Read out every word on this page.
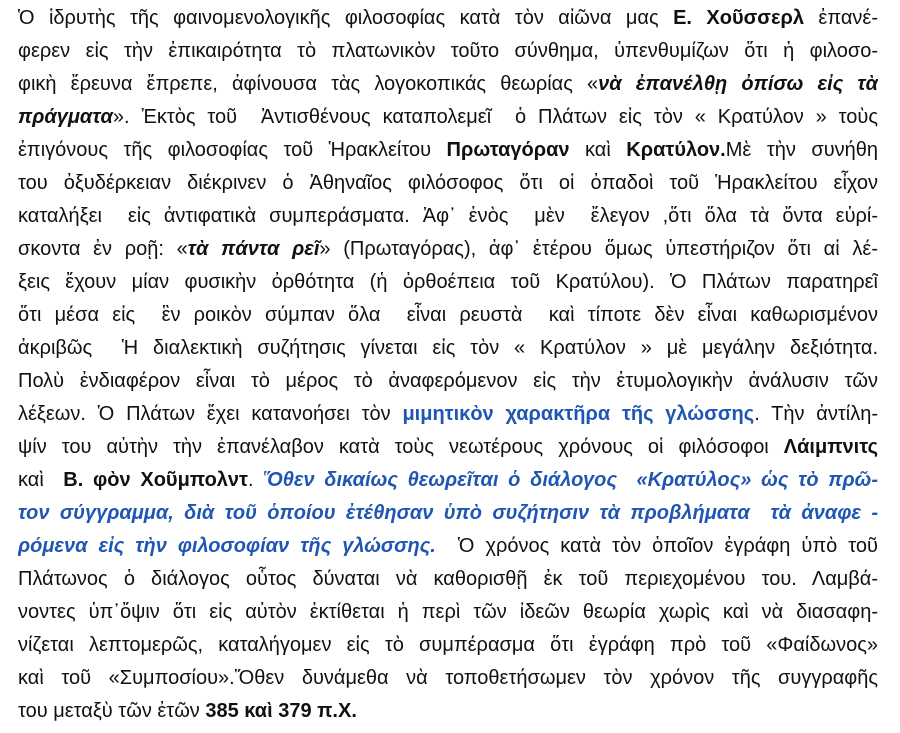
Ὁ ἱδρυτὴς τῆς φαινομενολογικῆς φιλοσοφίας κατὰ τὸν αἰῶνα μας Ε. Χοῦσσερλ ἐπανέ-
φερεν εἰς τὴν ἐπικαιρότητα τὸ πλατωνικὸν τοῦτο σύνθημα, ὑπενθυμίζων ὅτι ἡ φιλοσο-
φικὴ ἔρευνα ἔπρεπε, ἀφίνουσα τὰς λογοκοπικάς θεωρίας «νὰ ἐπανέλθῃ ὀπίσω εἰς τὰ
πράγματα». Ἐκτὸς τοῦ  Ἀντισθένους καταπολεμεῖ  ὁ Πλάτων εἰς τὸν « Κρατύλον » τοὺς
ἐπιγόνους τῆς φιλοσοφίας τοῦ Ἡρακλείτου Πρωταγόραν καὶ Κρατύλον.Μὲ τὴν συνήθη
του ὀξυδέρκειαν διέκρινεν ὁ Ἀθηναῖος φιλόσοφος ὅτι οἱ ὀπαδοὶ τοῦ Ἡρακλείτου εἶχον
καταλήξει  εἰς ἀντιφατικὰ συμπεράσματα. Ἀφ᾽ ἑνὸς  μὲν  ἔλεγον ,ὅτι ὅλα τὰ ὄντα εὑρί-
σκοντα ἐν ροῇ: «τὰ πάντα ρεῖ» (Πρωταγόρας), ἀφ᾽ ἑτέρου ὅμως ὑπεστήριζον ὅτι αἱ λέ-
ξεις ἔχουν μίαν φυσικὴν ὀρθότητα (ἡ ὀρθοέπεια τοῦ Κρατύλου). Ὁ Πλάτων παρατηρεῖ
ὅτι μέσα εἰς  ἓν ροικὸν σύμπαν ὅλα  εἶναι ρευστὰ  καὶ τίποτε δὲν εἶναι καθωρισμένον
ἀκριβῶς  Ἡ διαλεκτικὴ συζήτησις γίνεται εἰς τὸν « Κρατύλον » μὲ μεγάλην δεξιότητα.
Πολὺ ἐνδιαφέρον εἶναι τὸ μέρος τὸ ἀναφερόμενον εἰς τὴν ἐτυμολογικὴν ἀνάλυσιν τῶν
λέξεων. Ὁ Πλάτων ἔχει κατανοήσει τὸν μιμητικὸν χαρακτῆρα τῆς γλώσσης. Τὴν ἀντίλη-
ψίν του αὐτὴν τὴν ἐπανέλαβον κατὰ τοὺς νεωτέρους χρόνους οἱ φιλόσοφοι Λάιμπνιτς
καὶ  Β. φὸν Χοῦμπολντ. Ὅθεν δικαίως θεωρεῖται ὁ διάλογος  «Κρατύλος» ὡς τὸ πρῶ-
τον σύγγραμμα, διὰ τοῦ ὁποίου ἐτέθησαν ὑπὸ συζήτησιν τὰ προβλήματα  τὰ ἀναφε -
ρόμενα εἰς τὴν φιλοσοφίαν τῆς γλώσσης.  Ὁ χρόνος κατὰ τὸν ὁποῖον ἐγράφη ὑπὸ τοῦ
Πλάτωνος ὁ διάλογος οὗτος δύναται νὰ καθορισθῇ ἐκ τοῦ περιεχομένου του. Λαμβά-
νοντες ὑπ᾽ὄψιν ὅτι εἰς αὐτὸν ἐκτίθεται ἡ περὶ τῶν ἰδεῶν θεωρία χωρὶς καὶ νὰ διασαφη-
νίζεται λεπτομερῶς, καταλήγομεν εἰς τὸ συμπέρασμα ὅτι ἐγράφη πρὸ τοῦ «Φαίδωνος»
καὶ τοῦ «Συμποσίου».Ὅθεν δυνάμεθα νὰ τοποθετήσωμεν τὸν χρόνον τῆς συγγραφῆς
του μεταξὺ τῶν ἐτῶν 385 καὶ 379 π.Χ.
